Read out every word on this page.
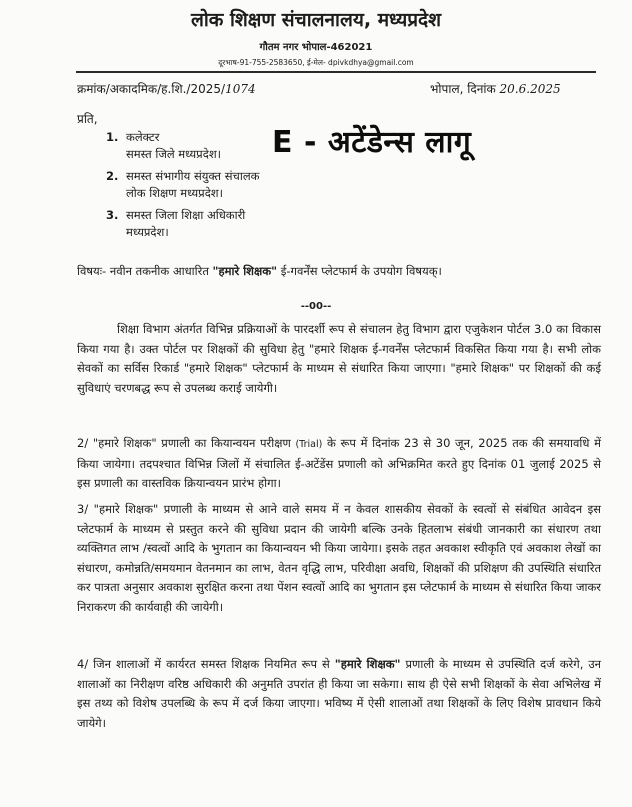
लोक शिक्षण संचालनालय, मध्यप्रदेश
गौतम नगर भोपाल-462021
दूरभाष-91-755-2583650, ई-मेल- dpivkdhya@gmail.com
क्रमांक/अकादमिक/ह.शि./2025/1074	भोपाल, दिनांक 20.6.2025
प्रति,
1. कलेक्टर
समस्त जिले मध्यप्रदेश।
2. समस्त संभागीय संयुक्त संचालक
लोक शिक्षण मध्यप्रदेश।
3. समस्त जिला शिक्षा अधिकारी
मध्यप्रदेश।
E - अटेंडेन्स लागू
विषयः- नवीन तकनीक आधारित "हमारे शिक्षक" ई-गवर्नेंस प्लेटफार्म के उपयोग विषयक्।
--00--
शिक्षा विभाग अंतर्गत विभिन्न प्रक्रियाओं के पारदर्शी रूप से संचालन हेतु विभाग द्वारा एजुकेशन पोर्टल 3.0 का विकास किया गया है। उक्त पोर्टल पर शिक्षकों की सुविधा हेतु "हमारे शिक्षक ई-गवर्नेंस प्लेटफार्म विकसित किया गया है। सभी लोक सेवकों का सर्विस रिकार्ड "हमारे शिक्षक" प्लेटफार्म के माध्यम से संधारित किया जाएगा। "हमारे शिक्षक" पर शिक्षकों की कई सुविधाएं चरणबद्ध रूप से उपलब्ध कराई जायेगी।
2/ "हमारे शिक्षक" प्रणाली का कियान्वयन परीक्षण (Trial) के रूप में दिनांक 23 से 30 जून, 2025 तक की समयावधि में किया जायेगा। तदपश्चात विभिन्न जिलों में संचालित ई-अटेंडेंस प्रणाली को अभिक्रमित करते हुए दिनांक 01 जुलाई 2025 से इस प्रणाली का वास्तविक क्रियान्वयन प्रारंभ होगा।
3/ "हमारे शिक्षक" प्रणाली के माध्यम से आने वाले समय में न केवल शासकीय सेवकों के स्वत्वों से संबंधित आवेदन इस प्लेटफार्म के माध्यम से प्रस्तुत करने की सुविधा प्रदान की जायेगी बल्कि उनके हितलाभ संबंधी जानकारी का संधारण तथा व्यक्तिगत लाभ /स्वत्वों आदि के भुगतान का कियान्वयन भी किया जायेगा। इसके तहत अवकाश स्वीकृति एवं अवकाश लेखों का संधारण, कमोन्नति/समयमान वेतनमान का लाभ, वेतन वृद्धि लाभ, परिवीक्षा अवधि, शिक्षकों की प्रशिक्षण की उपस्थिति संधारित कर पात्रता अनुसार अवकाश सुरक्षित करना तथा पेंशन स्वत्वों आदि का भुगतान इस प्लेटफार्म के माध्यम से संधारित किया जाकर निराकरण की कार्यवाही की जायेगी।
4/ जिन शालाओं में कार्यरत समस्त शिक्षक नियमित रूप से "हमारे शिक्षक" प्रणाली के माध्यम से उपस्थिति दर्ज करेगे, उन शालाओं का निरीक्षण वरिष्ठ अधिकारी की अनुमति उपरांत ही किया जा सकेगा। साथ ही ऐसे सभी शिक्षकों के सेवा अभिलेख में इस तथ्य को विशेष उपलब्धि के रूप में दर्ज किया जाएगा। भविष्य में ऐसी शालाओं तथा शिक्षकों के लिए विशेष प्रावधान किये जायेगे।
